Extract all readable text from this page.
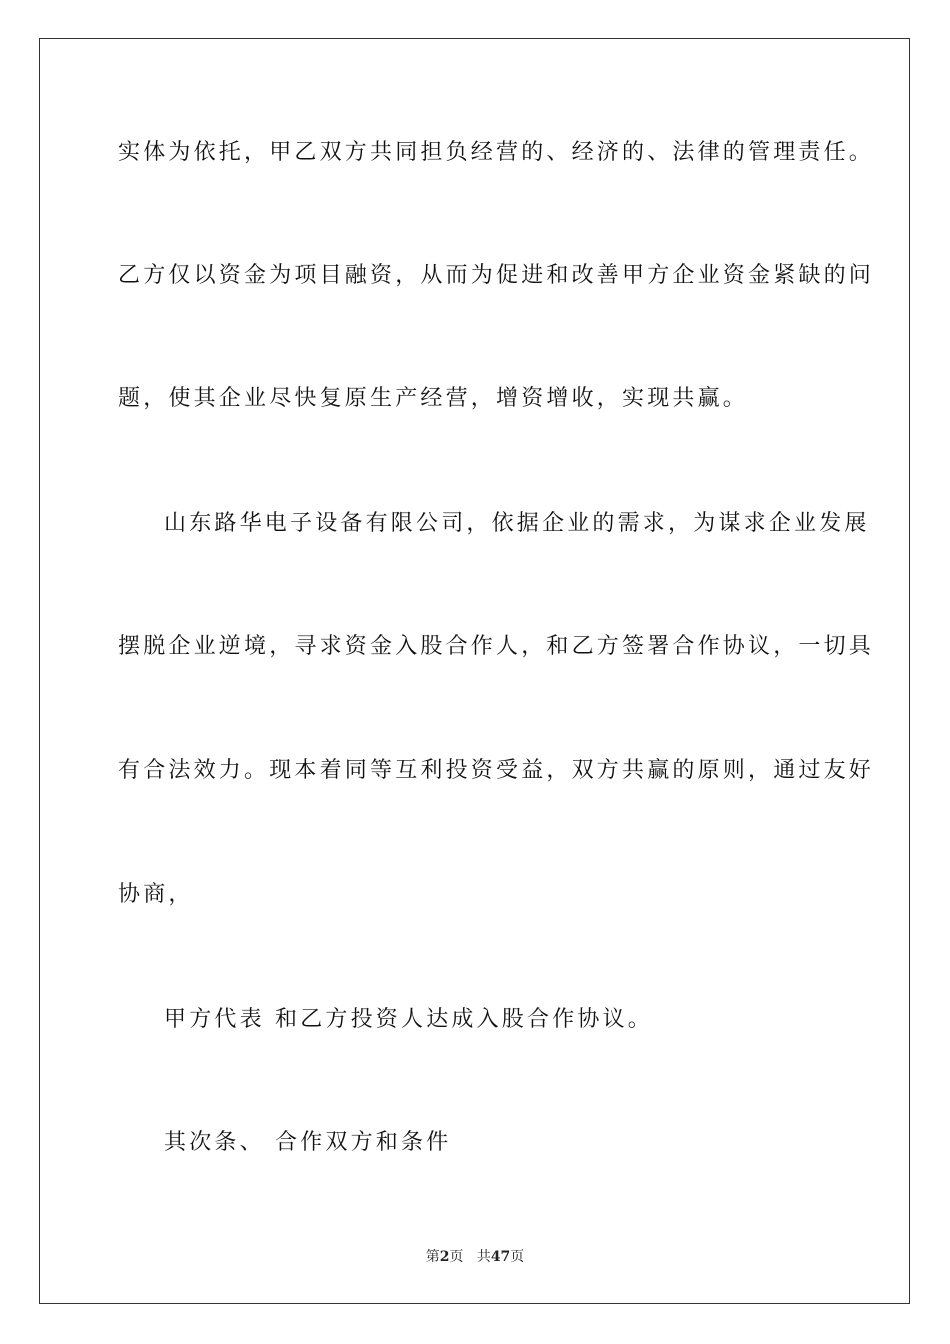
实体为依托，甲乙双方共同担负经营的、经济的、法律的管理责任。
乙方仅以资金为项目融资，从而为促进和改善甲方企业资金紧缺的问
题，使其企业尽快复原生产经营，增资增收，实现共赢。
山东路华电子设备有限公司，依据企业的需求，为谋求企业发展
摆脱企业逆境，寻求资金入股合作人，和乙方签署合作协议，一切具
有合法效力。现本着同等互利投资受益，双方共赢的原则，通过友好
协商，
甲方代表 和乙方投资人达成入股合作协议。
其次条、 合作双方和条件
第2页 共47页
